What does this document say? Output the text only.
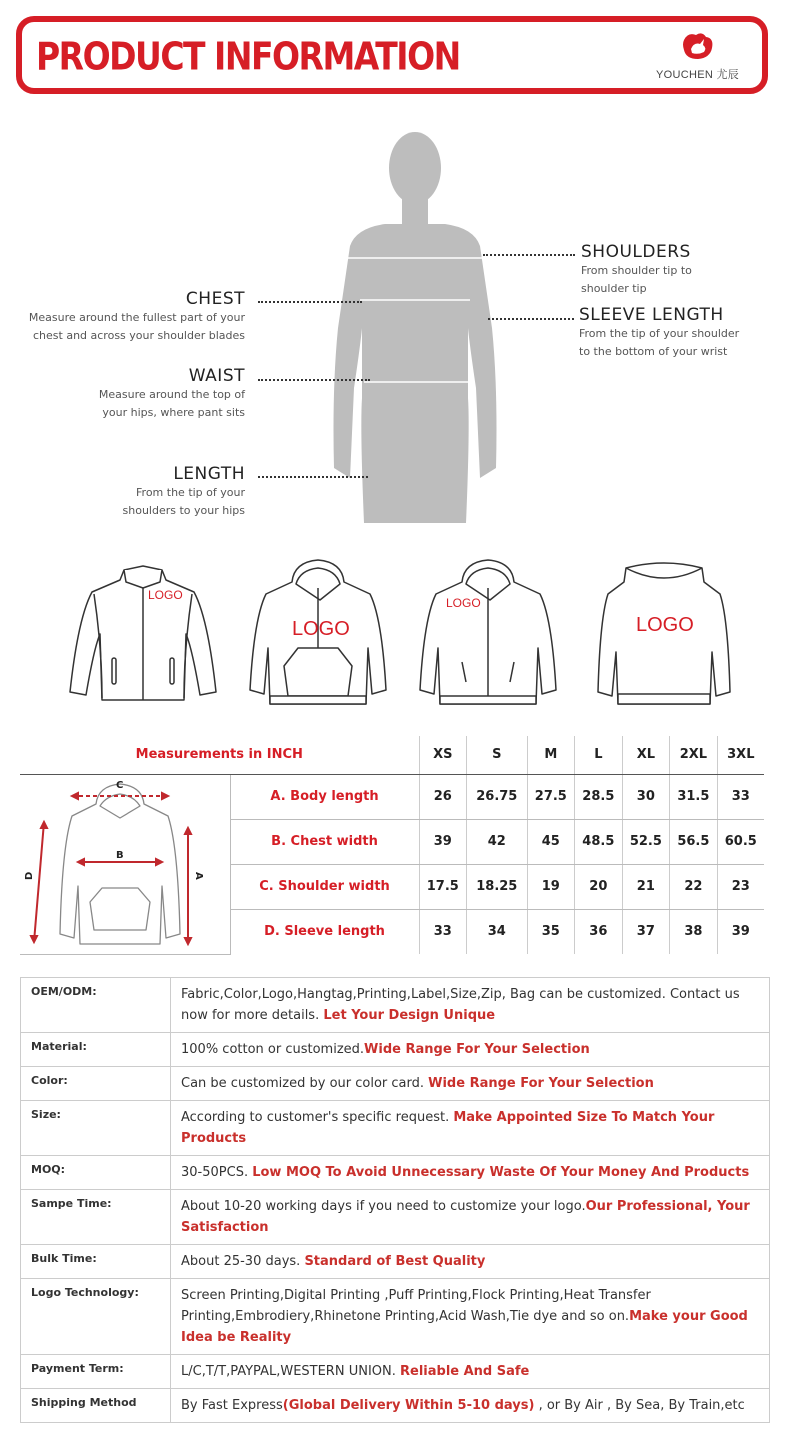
PRODUCT INFORMATION	YOUCHEN 尤辰
SHOULDERS
From shoulder tip to
shoulder tip
SLEEVE LENGTH
From the tip of your shoulder
to the bottom of your wrist
CHEST
Measure around the fullest part of your
chest and across your shoulder blades
WAIST
Measure around the top of
your hips, where pant sits
LENGTH
From the tip of your
shoulders to your hips
LOGO
LOGO
LOGO
LOGO
Measurements in INCH		XS	S	M	L	XL	2XL	3XL

C
B
D A	A. Body length	26	26.75	27.5	28.5	30	31.5	33
	B. Chest width	39	42	45	48.5	52.5	56.5	60.5
	C. Shoulder width	17.5	18.25	19	20	21	22	23
	D. Sleeve length	33	34	35	36	37	38	39
OEM/ODM:	Fabric,Color,Logo,Hangtag,Printing,Label,Size,Zip, Bag can be customized. Contact us now for more details. Let Your Design Unique
Material:	100% cotton or customized.Wide Range For Your Selection
Color:	Can be customized by our color card. Wide Range For Your Selection
Size:	According to customer's specific request. Make Appointed Size To Match Your Products
MOQ:	30-50PCS. Low MOQ To Avoid Unnecessary Waste Of Your Money And Products
Sampe Time:	About 10-20 working days if you need to customize your logo.Our Professional, Your Satisfaction
Bulk Time:	About 25-30 days. Standard of Best Quality
Logo Technology:	Screen Printing,Digital Printing ,Puff Printing,Flock Printing,Heat Transfer Printing,Embrodiery,Rhinetone Printing,Acid Wash,Tie dye and so on.Make your Good Idea be Reality
Payment Term:	L/C,T/T,PAYPAL,WESTERN UNION. Reliable And Safe
Shipping Method	By Fast Express(Global Delivery Within 5-10 days) , or By Air , By Sea, By Train,etc
